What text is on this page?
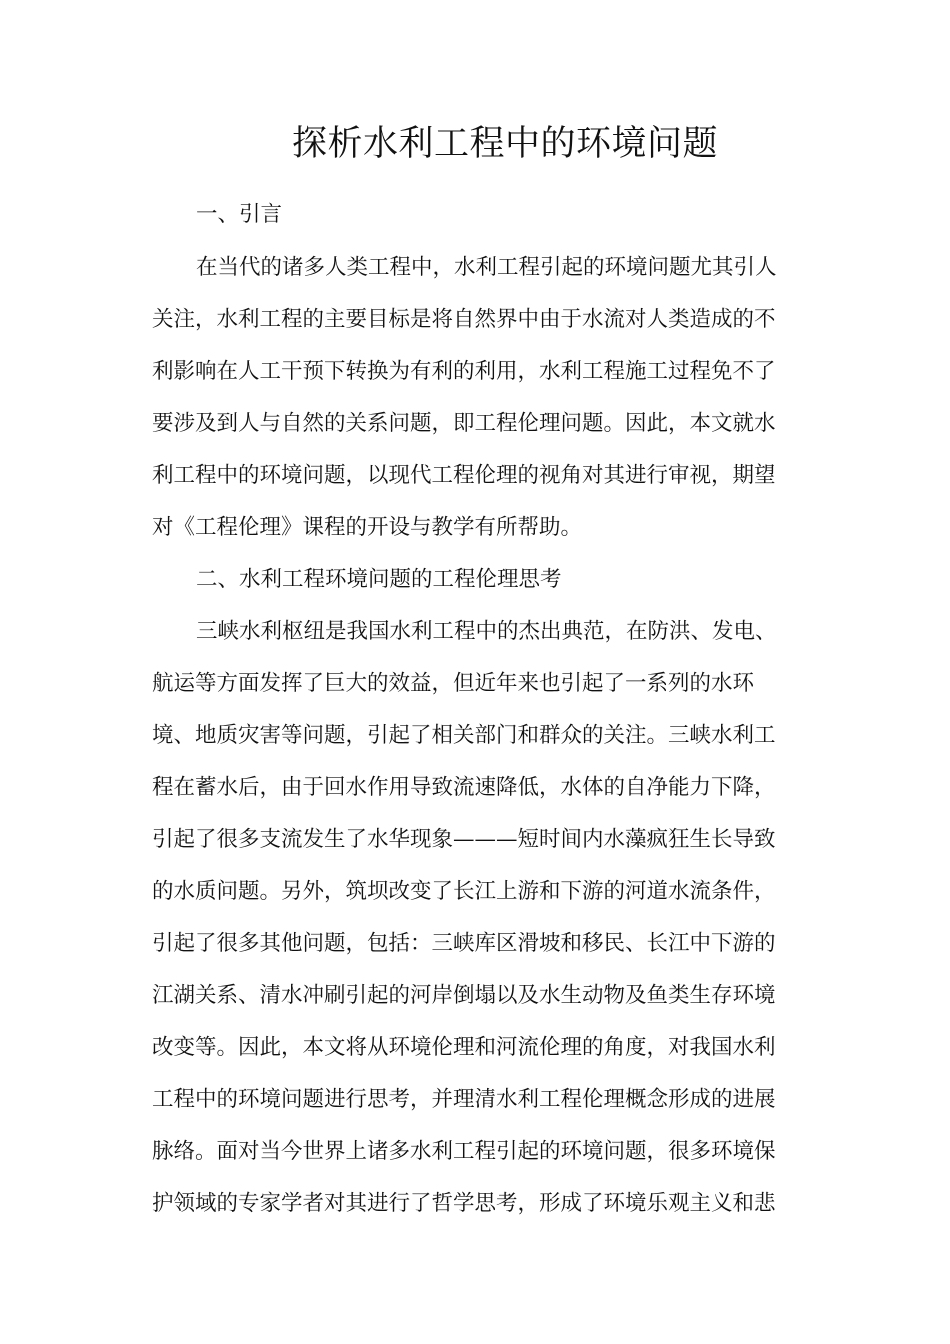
探析水利工程中的环境问题

一、引言

在当代的诸多人类工程中，水利工程引起的环境问题尤其引人

关注，水利工程的主要目标是将自然界中由于水流对人类造成的不

利影响在人工干预下转换为有利的利用，水利工程施工过程免不了

要涉及到人与自然的关系问题，即工程伦理问题。因此，本文就水

利工程中的环境问题，以现代工程伦理的视角对其进行审视，期望

对《工程伦理》课程的开设与教学有所帮助。

二、水利工程环境问题的工程伦理思考

三峡水利枢纽是我国水利工程中的杰出典范，在防洪、发电、

航运等方面发挥了巨大的效益，但近年来也引起了一系列的水环

境、地质灾害等问题，引起了相关部门和群众的关注。三峡水利工

程在蓄水后，由于回水作用导致流速降低，水体的自净能力下降，

引起了很多支流发生了水华现象———短时间内水藻疯狂生长导致

的水质问题。另外，筑坝改变了长江上游和下游的河道水流条件，

引起了很多其他问题，包括：三峡库区滑坡和移民、长江中下游的

江湖关系、清水冲刷引起的河岸倒塌以及水生动物及鱼类生存环境

改变等。因此，本文将从环境伦理和河流伦理的角度，对我国水利

工程中的环境问题进行思考，并理清水利工程伦理概念形成的进展

脉络。面对当今世界上诸多水利工程引起的环境问题，很多环境保

护领域的专家学者对其进行了哲学思考，形成了环境乐观主义和悲
